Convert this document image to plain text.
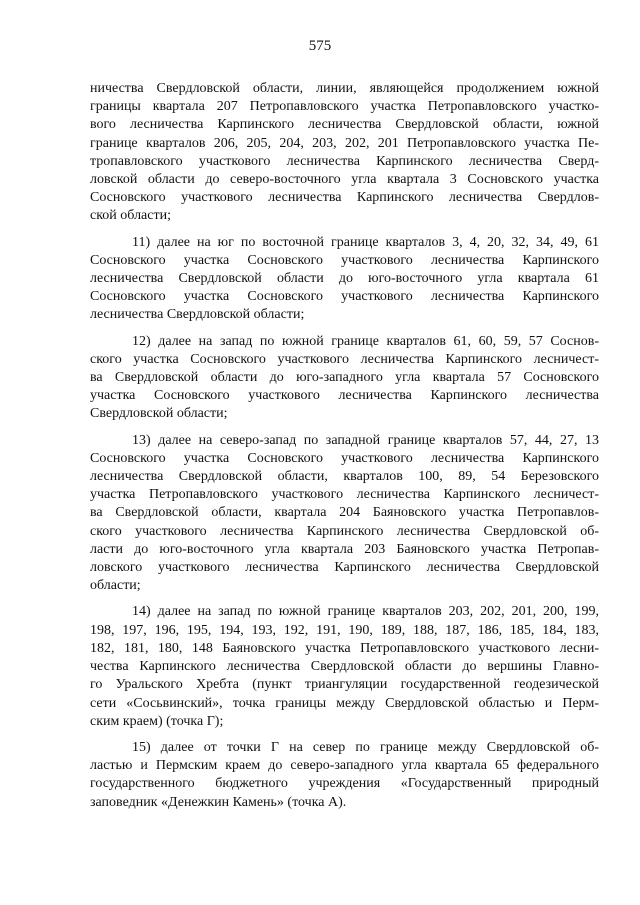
575

ничества Свердловской области, линии, являющейся продолжением южной
границы квартала 207 Петропавловского участка Петропавловского участко-
вого лесничества Карпинского лесничества Свердловской области, южной
границе кварталов 206, 205, 204, 203, 202, 201 Петропавловского участка Пе-
тропавловского участкового лесничества Карпинского лесничества Сверд-
ловской области до северо-восточного угла квартала 3 Сосновского участка
Сосновского участкового лесничества Карпинского лесничества Свердлов-
ской области;

11) далее на юг по восточной границе кварталов 3, 4, 20, 32, 34, 49, 61
Сосновского участка Сосновского участкового лесничества Карпинского
лесничества Свердловской области до юго-восточного угла квартала 61
Сосновского участка Сосновского участкового лесничества Карпинского
лесничества Свердловской области;

12) далее на запад по южной границе кварталов 61, 60, 59, 57 Соснов-
ского участка Сосновского участкового лесничества Карпинского лесничест-
ва Свердловской области до юго-западного угла квартала 57 Сосновского
участка Сосновского участкового лесничества Карпинского лесничества
Свердловской области;

13) далее на северо-запад по западной границе кварталов 57, 44, 27, 13
Сосновского участка Сосновского участкового лесничества Карпинского
лесничества Свердловской области, кварталов 100, 89, 54 Березовского
участка Петропавловского участкового лесничества Карпинского лесничест-
ва Свердловской области, квартала 204 Баяновского участка Петропавлов-
ского участкового лесничества Карпинского лесничества Свердловской об-
ласти до юго-восточного угла квартала 203 Баяновского участка Петропав-
ловского участкового лесничества Карпинского лесничества Свердловской
области;

14) далее на запад по южной границе кварталов 203, 202, 201, 200, 199,
198, 197, 196, 195, 194, 193, 192, 191, 190, 189, 188, 187, 186, 185, 184, 183,
182, 181, 180, 148 Баяновского участка Петропавловского участкового лесни-
чества Карпинского лесничества Свердловской области до вершины Главно-
го Уральского Хребта (пункт триангуляции государственной геодезической
сети «Сосьвинский», точка границы между Свердловской областью и Перм-
ским краем) (точка Г);

15) далее от точки Г на север по границе между Свердловской об-
ластью и Пермским краем до северо-западного угла квартала 65 федерального
государственного бюджетного учреждения «Государственный природный
заповедник «Денежкин Камень» (точка А).
